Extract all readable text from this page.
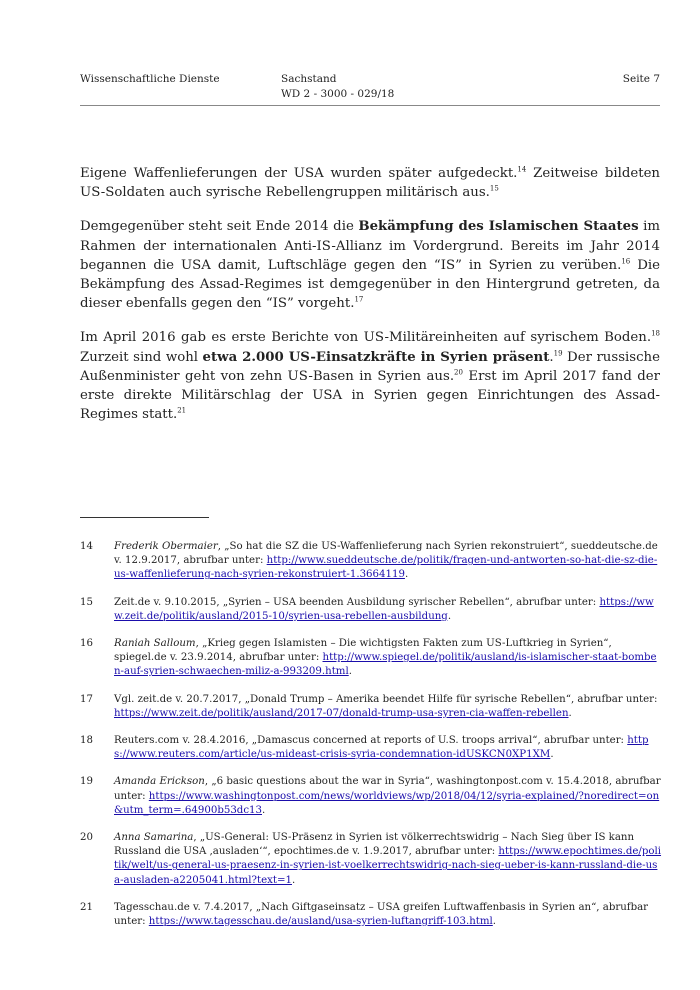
Wissenschaftliche Dienste	Sachstand
WD 2 - 3000 - 029/18
Seite 7

Eigene Waffenlieferungen der USA wurden später aufgedeckt.$^{14}$ Zeitweise bildeten US-Soldaten auch syrische Rebellengruppen militärisch aus.$^{15}$

Demgegenüber steht seit Ende 2014 die Bekämpfung des Islamischen Staates im Rahmen der internationalen Anti-IS-Allianz im Vordergrund. Bereits im Jahr 2014 begannen die USA damit, Luftschläge gegen den “IS” in Syrien zu verüben.$^{16}$ Die Bekämpfung des Assad-Regimes ist demgegenüber in den Hintergrund getreten, da dieser ebenfalls gegen den “IS” vorgeht.$^{17}$

Im April 2016 gab es erste Berichte von US-Militäreinheiten auf syrischem Boden.$^{18}$ Zurzeit sind wohl etwa 2.000 US-Einsatzkräfte in Syrien präsent.$^{19}$ Der russische Außenminister geht von zehn US-Basen in Syrien aus.$^{20}$ Erst im April 2017 fand der erste direkte Militärschlag der USA in Syrien gegen Einrichtungen des Assad-Regimes statt.$^{21}$

14 Frederik Obermaier, „So hat die SZ die US-Waffenlieferung nach Syrien rekonstruiert“, sueddeutsche.de v. 12.9.2017, abrufbar unter: http://www.sueddeutsche.de/politik/fragen-und-antworten-so-hat-die-sz-die-us-waffenlieferung-nach-syrien-rekonstruiert-1.3664119.
15 Zeit.de v. 9.10.2015, „Syrien – USA beenden Ausbildung syrischer Rebellen“, abrufbar unter: https://www.zeit.de/politik/ausland/2015-10/syrien-usa-rebellen-ausbildung.
16 Raniah Salloum, „Krieg gegen Islamisten – Die wichtigsten Fakten zum US-Luftkrieg in Syrien“, spiegel.de v. 23.9.2014, abrufbar unter: http://www.spiegel.de/politik/ausland/is-islamischer-staat-bomben-auf-syrien-schwaechen-miliz-a-993209.html.
17 Vgl. zeit.de v. 20.7.2017, „Donald Trump – Amerika beendet Hilfe für syrische Rebellen“, abrufbar unter: https://www.zeit.de/politik/ausland/2017-07/donald-trump-usa-syren-cia-waffen-rebellen.
18 Reuters.com v. 28.4.2016, „Damascus concerned at reports of U.S. troops arrival“, abrufbar unter: https://www.reuters.com/article/us-mideast-crisis-syria-condemnation-idUSKCN0XP1XM.
19 Amanda Erickson, „6 basic questions about the war in Syria“, washingtonpost.com v. 15.4.2018, abrufbar unter: https://www.washingtonpost.com/news/worldviews/wp/2018/04/12/syria-explained/?noredirect=on&utm_term=.64900b53dc13.
20 Anna Samarina, „US-General: US-Präsenz in Syrien ist völkerrechtswidrig – Nach Sieg über IS kann Russland die USA ‚ausladen‘“, epochtimes.de v. 1.9.2017, abrufbar unter: https://www.epochtimes.de/politik/welt/us-general-us-praesenz-in-syrien-ist-voelkerrechtswidrig-nach-sieg-ueber-is-kann-russland-die-usa-ausladen-a2205041.html?text=1.
21 Tagesschau.de v. 7.4.2017, „Nach Giftgaseinsatz – USA greifen Luftwaffenbasis in Syrien an“, abrufbar unter: https://www.tagesschau.de/ausland/usa-syrien-luftangriff-103.html.
